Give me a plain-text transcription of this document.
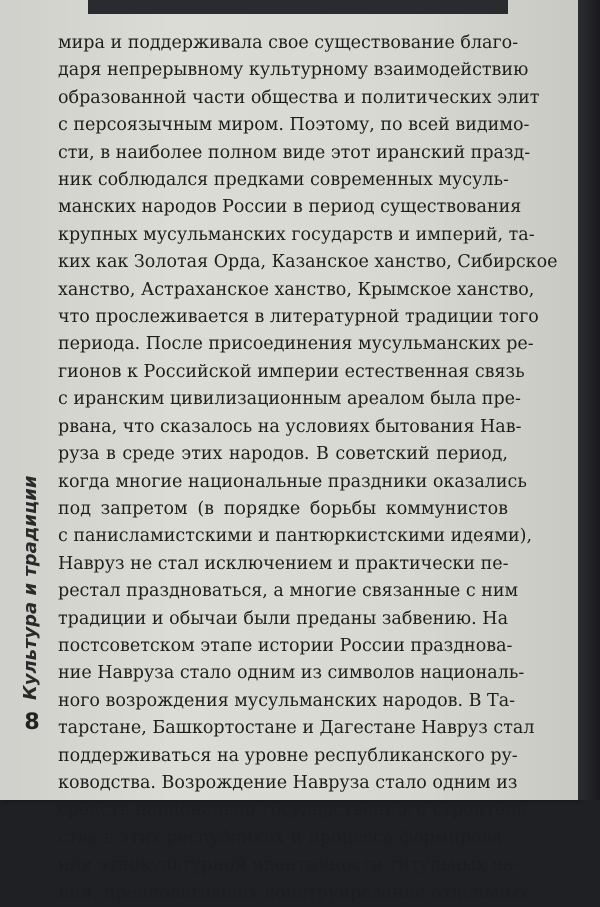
мира и поддерживала свое существование благо-
даря непрерывному культурному взаимодействию
образованной части общества и политических элит
с персоязычным миром. Поэтому, по всей видимо-
сти, в наиболее полном виде этот иранский празд-
ник соблюдался предками современных мусуль-
манских народов России в период существования
крупных мусульманских государств и империй, та-
ких как Золотая Орда, Казанское ханство, Сибирское
ханство, Астраханское ханство, Крымское ханство,
что прослеживается в литературной традиции того
периода. После присоединения мусульманских ре-
гионов к Российской империи естественная связь
с иранским цивилизационным ареалом была пре-
рвана, что сказалось на условиях бытования Нав-
руза в среде этих народов. В советский период,
когда многие национальные праздники оказались
под запретом (в порядке борьбы коммунистов
с панисламистскими и пантюркистскими идеями),
Навруз не стал исключением и практически пе-
рестал праздноваться, а многие связанные с ним
традиции и обычаи были преданы забвению. На
постсоветском этапе истории России празднова-
ние Навруза стало одним из символов националь-
ного возрождения мусульманских народов. В Та-
тарстане, Башкортостане и Дагестане Навруз стал
поддерживаться на уровне республиканского ру-
ководства. Возрождение Навруза стало одним из
средств национально-государственного строитель-
ства в этих республиках и процесса формирова-
ния этнокультурной идентичности титульных на-
ций, предполагавших конструирование отдельных
Культура и традиции
8
